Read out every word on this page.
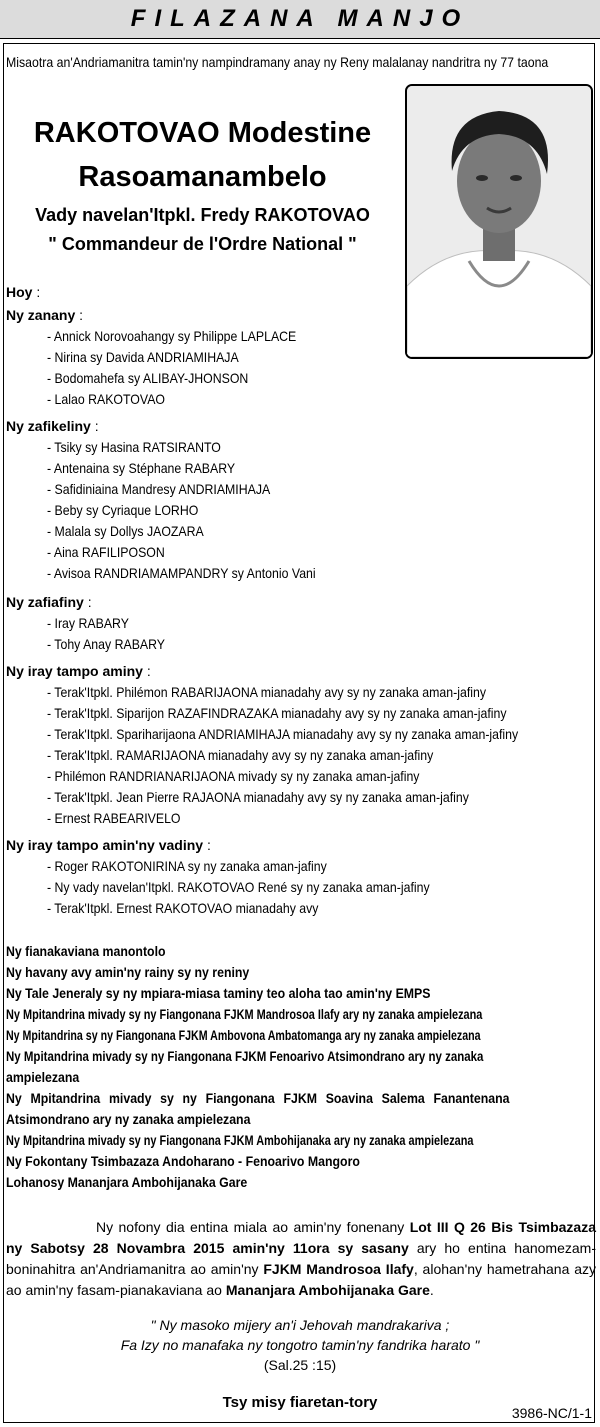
FILAZANA MANJO
Misaotra an'Andriamanitra tamin'ny nampindramany anay ny Reny malalanay nandritra ny 77 taona
RAKOTOVAO Modestine
Rasoamanambelo
Vady navelan'Itpkl. Fredy RAKOTOVAO
" Commandeur de l'Ordre National "
Hoy :
Ny zanany :
- Annick Norovoahangy sy Philippe LAPLACE
- Nirina sy Davida ANDRIAMIHAJA
- Bodomahefa sy ALIBAY-JHONSON
- Lalao RAKOTOVAO
Ny zafikeliny :
- Tsiky sy Hasina RATSIRANTO
- Antenaina sy Stéphane RABARY
- Safidiniaina Mandresy ANDRIAMIHAJA
- Beby sy Cyriaque LORHO
- Malala sy Dollys JAOZARA
- Aina RAFILIPOSON
- Avisoa RANDRIAMAMPANDRY sy Antonio Vani
Ny zafiafiny :
- Iray RABARY
- Tohy Anay RABARY
Ny iray tampo aminy :
- Terak'Itpkl. Philémon RABARIJAONA mianadahy avy sy ny zanaka aman-jafiny
- Terak'Itpkl. Siparijon RAZAFINDRAZAKA mianadahy avy sy ny zanaka aman-jafiny
- Terak'Itpkl. Spariharijaona ANDRIAMIHAJA mianadahy avy sy ny zanaka aman-jafiny
- Terak'Itpkl. RAMARIJAONA mianadahy avy sy ny zanaka aman-jafiny
- Philémon RANDRIANARIJAONA mivady sy ny zanaka aman-jafiny
- Terak'Itpkl. Jean Pierre RAJAONA mianadahy avy sy ny zanaka aman-jafiny
- Ernest RABEARIVELO
Ny iray tampo amin'ny vadiny :
- Roger RAKOTONIRINA sy ny zanaka aman-jafiny
- Ny vady navelan'Itpkl. RAKOTOVAO René sy ny zanaka aman-jafiny
- Terak'Itpkl. Ernest RAKOTOVAO mianadahy avy
Ny fianakaviana manontolo
Ny havany avy amin'ny rainy sy ny reniny
Ny Tale Jeneraly sy ny mpiara-miasa taminy teo aloha tao amin'ny EMPS
Ny Mpitandrina mivady sy ny Fiangonana FJKM Mandrosoa Ilafy ary ny zanaka ampielezana
Ny Mpitandrina sy ny Fiangonana FJKM Ambovona Ambatomanga ary ny zanaka ampielezana
Ny Mpitandrina mivady sy ny Fiangonana FJKM Fenoarivo Atsimondrano ary ny zanaka
ampielezana
Ny Mpitandrina mivady sy ny Fiangonana FJKM Soavina Salema Fanantenana
Atsimondrano ary ny zanaka ampielezana
Ny Mpitandrina mivady sy ny Fiangonana FJKM Ambohijanaka ary ny zanaka ampielezana
Ny Fokontany Tsimbazaza Andoharano - Fenoarivo Mangoro
Lohanosy Mananjara Ambohijanaka Gare
Ny nofony dia entina miala ao amin'ny fonenany Lot III Q 26 Bis Tsimbazaza ny Sabotsy 28 Novambra 2015 amin'ny 11ora sy sasany ary ho entina hanomezam-boninahitra an'Andriamanitra ao amin'ny FJKM Mandrosoa Ilafy, alohan'ny hametrahana azy ao amin'ny fasam-pianakaviana ao Mananjara Ambohijanaka Gare.
" Ny masoko mijery an'i Jehovah mandrakariva ;
Fa Izy no manafaka ny tongotro tamin'ny fandrika harato "
(Sal.25 :15)
Tsy misy fiaretan-tory
3986-NC/1-1
